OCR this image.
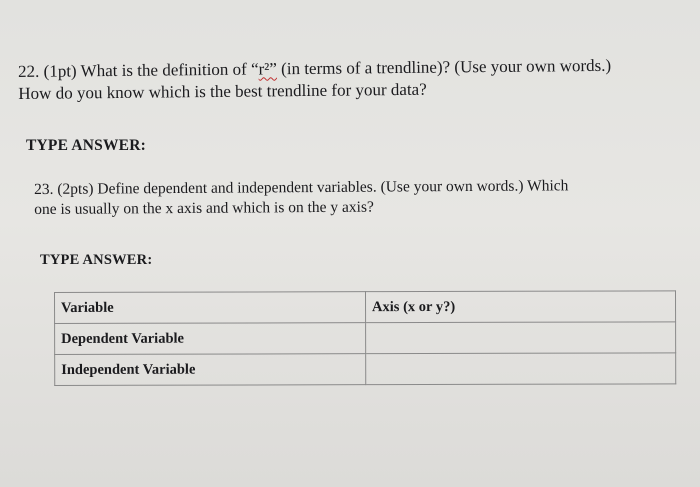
22. (1pt) What is the definition of “r²” (in terms of a trendline)? (Use your own words.)
How do you know which is the best trendline for your data?
TYPE ANSWER:
23. (2pts) Define dependent and independent variables. (Use your own words.) Which
one is usually on the x axis and which is on the y axis?
TYPE ANSWER:
Variable	Axis (x or y?)
Dependent Variable	
Independent Variable	
